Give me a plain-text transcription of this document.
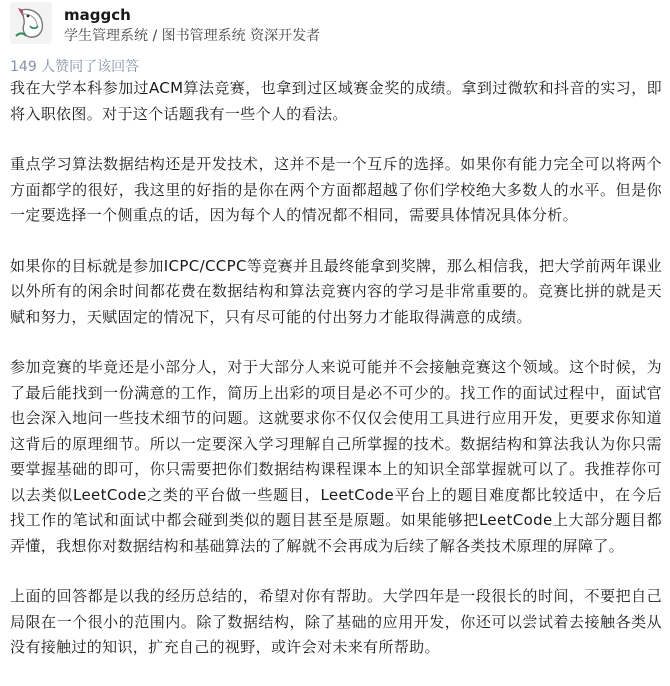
maggch
学生管理系统 / 图书管理系统 资深开发者
149 人赞同了该回答

我在大学本科参加过ACM算法竞赛，也拿到过区域赛金奖的成绩。拿到过微软和抖音的实习，即将入职依图。对于这个话题我有一些个人的看法。

重点学习算法数据结构还是开发技术，这并不是一个互斥的选择。如果你有能力完全可以将两个方面都学的很好，我这里的好指的是你在两个方面都超越了你们学校绝大多数人的水平。但是你一定要选择一个侧重点的话，因为每个人的情况都不相同，需要具体情况具体分析。

如果你的目标就是参加ICPC/CCPC等竞赛并且最终能拿到奖牌，那么相信我，把大学前两年课业以外所有的闲余时间都花费在数据结构和算法竞赛内容的学习是非常重要的。竞赛比拼的就是天赋和努力，天赋固定的情况下，只有尽可能的付出努力才能取得满意的成绩。

参加竞赛的毕竟还是小部分人，对于大部分人来说可能并不会接触竞赛这个领域。这个时候，为了最后能找到一份满意的工作，简历上出彩的项目是必不可少的。找工作的面试过程中，面试官也会深入地问一些技术细节的问题。这就要求你不仅仅会使用工具进行应用开发，更要求你知道这背后的原理细节。所以一定要深入学习理解自己所掌握的技术。数据结构和算法我认为你只需要掌握基础的即可，你只需要把你们数据结构课程课本上的知识全部掌握就可以了。我推荐你可以去类似LeetCode之类的平台做一些题目，LeetCode平台上的题目难度都比较适中，在今后找工作的笔试和面试中都会碰到类似的题目甚至是原题。如果能够把LeetCode上大部分题目都弄懂，我想你对数据结构和基础算法的了解就不会再成为后续了解各类技术原理的屏障了。

上面的回答都是以我的经历总结的，希望对你有帮助。大学四年是一段很长的时间，不要把自己局限在一个很小的范围内。除了数据结构，除了基础的应用开发，你还可以尝试着去接触各类从没有接触过的知识，扩充自己的视野，或许会对未来有所帮助。
